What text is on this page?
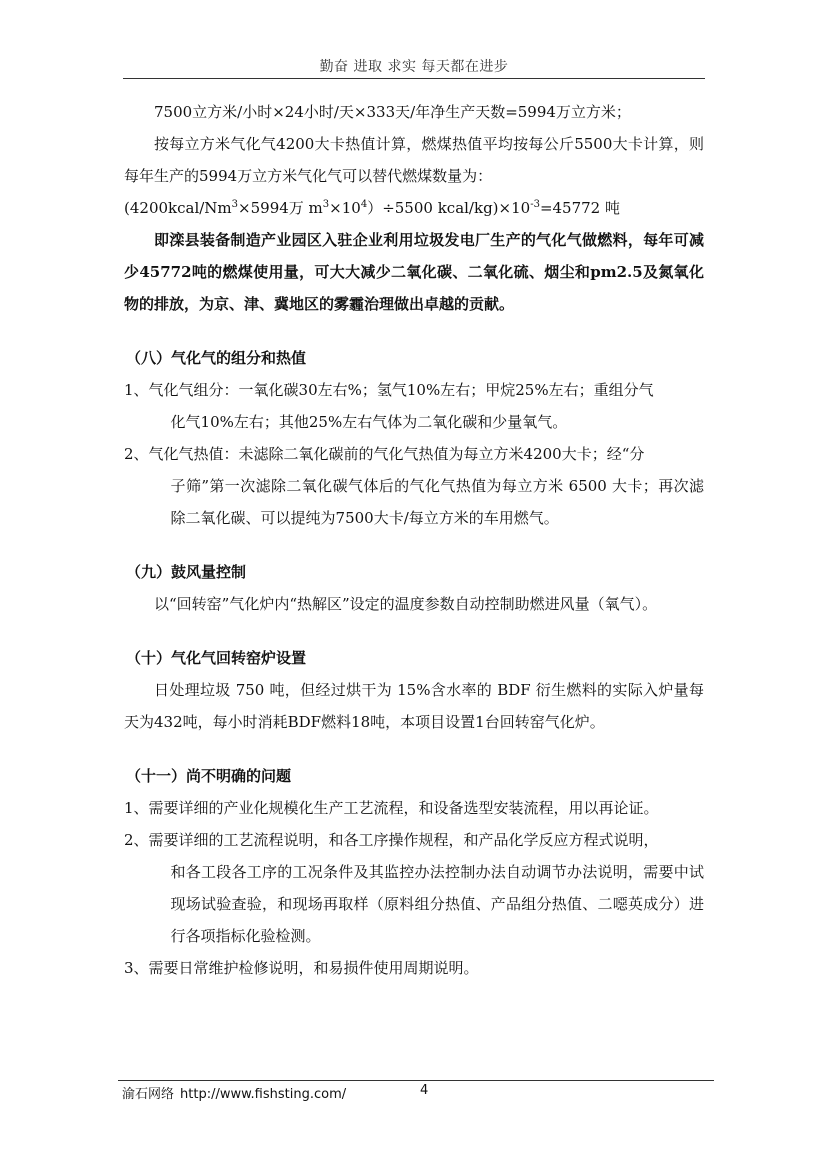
勤奋 进取 求实 每天都在进步

7500立方米/小时×24小时/天×333天/年净生产天数=5994万立方米；

按每立方米气化气4200大卡热值计算，燃煤热值平均按每公斤5500大卡计算，则每年生产的5994万立方米气化气可以替代燃煤数量为：

($4200kcal/Nm^3\times 5994$万 $m^3\times 10^4)\div 5500$ kcal/$kg)\times 10^{-3}=45772$ 吨

即滦县装备制造产业园区入驻企业利用垃圾发电厂生产的气化气做燃料，每年可减少45772吨的燃煤使用量，可大大减少二氧化碳、二氧化硫、烟尘和pm2.5及氮氧化物的排放，为京、津、冀地区的雾霾治理做出卓越的贡献。

（八）气化气的组分和热值

1、 气化气组分：一氧化碳30左右%；氢气10%左右；甲烷25%左右；重组分气
化气10%左右；其他25%左右气体为二氧化碳和少量氧气。
2、 气化气热值：未滤除二氧化碳前的气化气热值为每立方米4200大卡；经“分
子筛”第一次滤除二氧化碳气体后的气化气热值为每立方米 6500 大卡；再次滤除二氧化碳、可以提纯为7500大卡/每立方米的车用燃气。

（九）鼓风量控制

以“回转窑”气化炉内“热解区”设定的温度参数自动控制助燃进风量（氧气）。

（十）气化气回转窑炉设置

日处理垃圾 750 吨，但经过烘干为 15%含水率的 BDF 衍生燃料的实际入炉量每天为432吨，每小时消耗BDF燃料18吨，本项目设置1台回转窑气化炉。

（十一）尚不明确的问题

1、 需要详细的产业化规模化生产工艺流程，和设备选型安装流程，用以再论证。
2、 需要详细的工艺流程说明，和各工序操作规程，和产品化学反应方程式说明，
和各工段各工序的工况条件及其监控办法控制办法自动调节办法说明，需要中试现场试验查验，和现场再取样（原料组分热值、产品组分热值、二噁英成分）进行各项指标化验检测。
3、 需要日常维护检修说明，和易损件使用周期说明。
渝石网络 http://www.fishsting.com/	4
